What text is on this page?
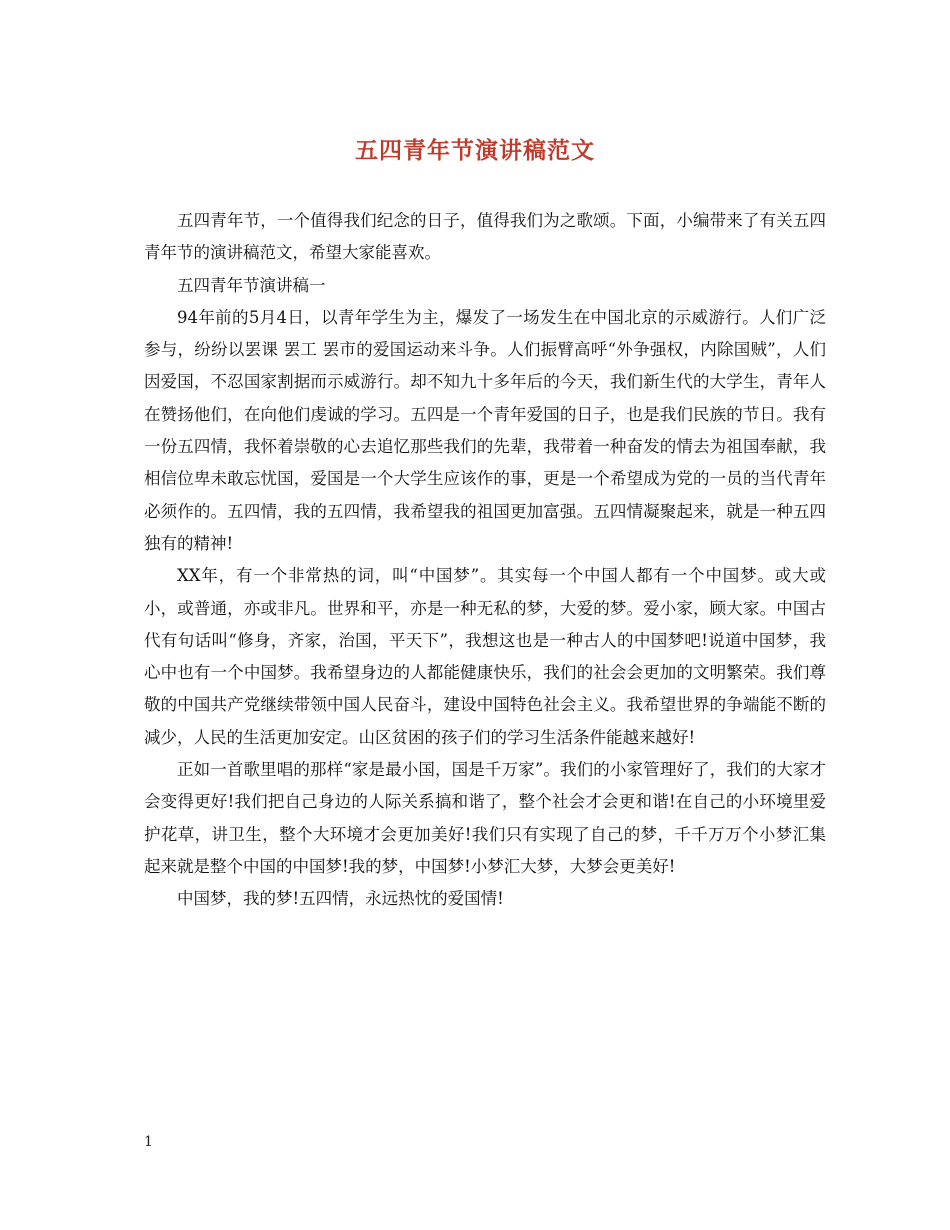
五四青年节演讲稿范文

五四青年节，一个值得我们纪念的日子，值得我们为之歌颂。下面，小编带来了有关五四青年节的演讲稿范文，希望大家能喜欢。

五四青年节演讲稿一

94年前的5月4日，以青年学生为主，爆发了一场发生在中国北京的示威游行。人们广泛参与，纷纷以罢课 罢工 罢市的爱国运动来斗争。人们振臂高呼“外争强权，内除国贼”，人们因爱国，不忍国家割据而示威游行。却不知九十多年后的今天，我们新生代的大学生，青年人在赞扬他们，在向他们虔诚的学习。五四是一个青年爱国的日子，也是我们民族的节日。我有一份五四情，我怀着崇敬的心去追忆那些我们的先辈，我带着一种奋发的情去为祖国奉献，我相信位卑未敢忘忧国，爱国是一个大学生应该作的事，更是一个希望成为党的一员的当代青年必须作的。五四情，我的五四情，我希望我的祖国更加富强。五四情凝聚起来，就是一种五四独有的精神!

XX年，有一个非常热的词，叫“中国梦”。其实每一个中国人都有一个中国梦。或大或小，或普通，亦或非凡。世界和平，亦是一种无私的梦，大爱的梦。爱小家，顾大家。中国古代有句话叫“修身，齐家，治国，平天下”，我想这也是一种古人的中国梦吧!说道中国梦，我心中也有一个中国梦。我希望身边的人都能健康快乐，我们的社会会更加的文明繁荣。我们尊敬的中国共产党继续带领中国人民奋斗，建设中国特色社会主义。我希望世界的争端能不断的减少，人民的生活更加安定。山区贫困的孩子们的学习生活条件能越来越好!

正如一首歌里唱的那样“家是最小国，国是千万家”。我们的小家管理好了，我们的大家才会变得更好!我们把自己身边的人际关系搞和谐了，整个社会才会更和谐!在自己的小环境里爱护花草，讲卫生，整个大环境才会更加美好!我们只有实现了自己的梦，千千万万个小梦汇集起来就是整个中国的中国梦!我的梦，中国梦!小梦汇大梦，大梦会更美好!

中国梦，我的梦!五四情，永远热忱的爱国情!

1
